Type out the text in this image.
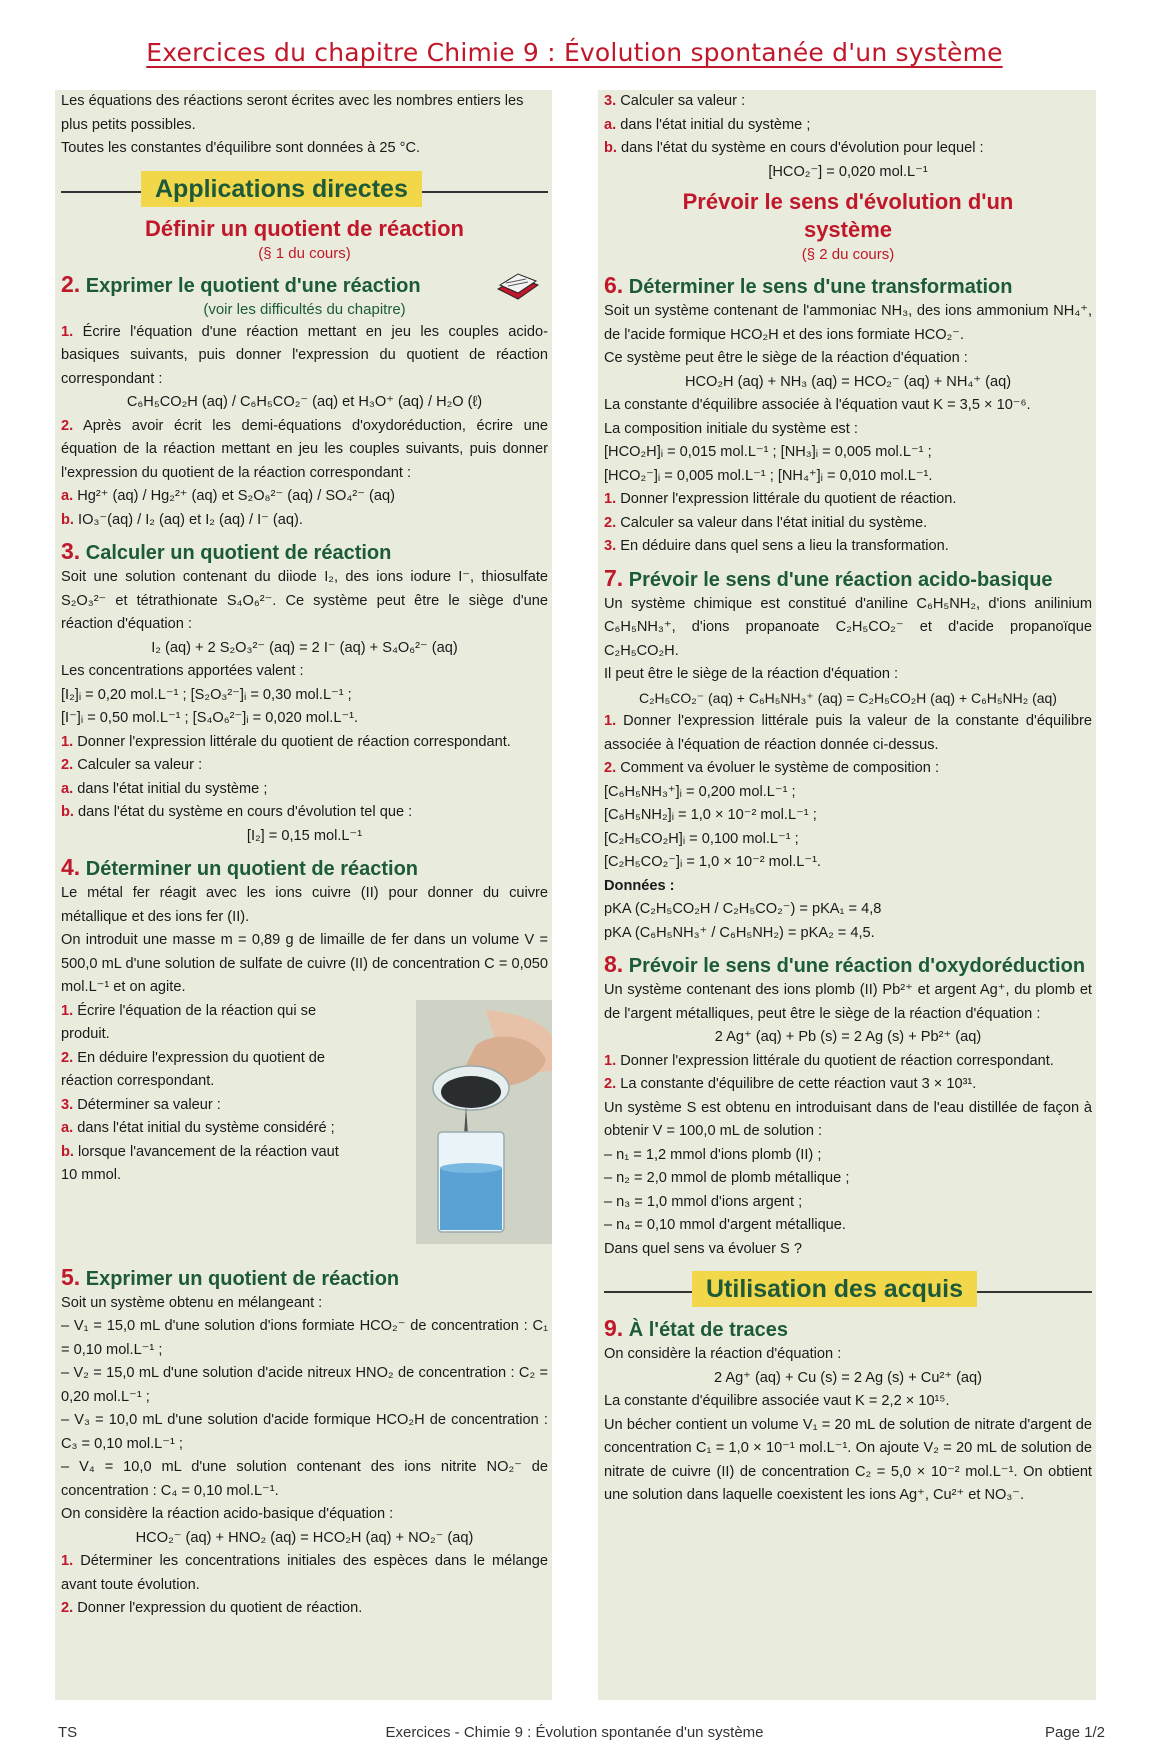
Exercices du chapitre Chimie 9 : Évolution spontanée d'un système

Les équations des réactions seront écrites avec les nombres entiers les plus petits possibles.

Toutes les constantes d'équilibre sont données à 25 °C.

Applications directes
Définir un quotient de réaction
(§ 1 du cours)
2. Exprimer le quotient d'une réaction
(voir les difficultés du chapitre)

1. Écrire l'équation d'une réaction mettant en jeu les couples acido-basiques suivants, puis donner l'expression du quotient de réaction correspondant :

C₆H₅CO₂H (aq) / C₆H₅CO₂⁻ (aq) et H₃O⁺ (aq) / H₂O (ℓ)

2. Après avoir écrit les demi-équations d'oxydoréduction, écrire une équation de la réaction mettant en jeu les couples suivants, puis donner l'expression du quotient de la réaction correspondant :

a. Hg²⁺ (aq) / Hg₂²⁺ (aq) et S₂O₈²⁻ (aq) / SO₄²⁻ (aq)

b. IO₃⁻(aq) / I₂ (aq) et I₂ (aq) / I⁻ (aq).

3. Calculer un quotient de réaction

Soit une solution contenant du diiode I₂, des ions iodure I⁻, thiosulfate S₂O₃²⁻ et tétrathionate S₄O₆²⁻. Ce système peut être le siège d'une réaction d'équation :

I₂ (aq) + 2 S₂O₃²⁻ (aq) = 2 I⁻ (aq) + S₄O₆²⁻ (aq)

Les concentrations apportées valent :

[I₂]ᵢ = 0,20 mol.L⁻¹ ; [S₂O₃²⁻]ᵢ = 0,30 mol.L⁻¹ ;

[I⁻]ᵢ = 0,50 mol.L⁻¹ ; [S₄O₆²⁻]ᵢ = 0,020 mol.L⁻¹.

1. Donner l'expression littérale du quotient de réaction correspondant.

2. Calculer sa valeur :

a. dans l'état initial du système ;

b. dans l'état du système en cours d'évolution tel que :

[I₂] = 0,15 mol.L⁻¹

4. Déterminer un quotient de réaction

Le métal fer réagit avec les ions cuivre (II) pour donner du cuivre métallique et des ions fer (II).

On introduit une masse m = 0,89 g de limaille de fer dans un volume V = 500,0 mL d'une solution de sulfate de cuivre (II) de concentration C = 0,050 mol.L⁻¹ et on agite.

1. Écrire l'équation de la réaction qui se produit.

2. En déduire l'expression du quotient de réaction correspondant.

3. Déterminer sa valeur :

a. dans l'état initial du système considéré ;

b. lorsque l'avancement de la réaction vaut 10 mmol.

5. Exprimer un quotient de réaction

Soit un système obtenu en mélangeant :

– V₁ = 15,0 mL d'une solution d'ions formiate HCO₂⁻ de concentration : C₁ = 0,10 mol.L⁻¹ ;

– V₂ = 15,0 mL d'une solution d'acide nitreux HNO₂ de concentration : C₂ = 0,20 mol.L⁻¹ ;

– V₃ = 10,0 mL d'une solution d'acide formique HCO₂H de concentration : C₃ = 0,10 mol.L⁻¹ ;

– V₄ = 10,0 mL d'une solution contenant des ions nitrite NO₂⁻ de concentration : C₄ = 0,10 mol.L⁻¹.

On considère la réaction acido-basique d'équation :

HCO₂⁻ (aq) + HNO₂ (aq) = HCO₂H (aq) + NO₂⁻ (aq)

1. Déterminer les concentrations initiales des espèces dans le mélange avant toute évolution.

2. Donner l'expression du quotient de réaction.

3. Calculer sa valeur :

a. dans l'état initial du système ;

b. dans l'état du système en cours d'évolution pour lequel :

[HCO₂⁻] = 0,020 mol.L⁻¹

Prévoir le sens d'évolution d'un système
(§ 2 du cours)
6. Déterminer le sens d'une transformation

Soit un système contenant de l'ammoniac NH₃, des ions ammonium NH₄⁺, de l'acide formique HCO₂H et des ions formiate HCO₂⁻.

Ce système peut être le siège de la réaction d'équation :

HCO₂H (aq) + NH₃ (aq) = HCO₂⁻ (aq) + NH₄⁺ (aq)

La constante d'équilibre associée à l'équation vaut K = 3,5 × 10⁻⁶.

La composition initiale du système est :

[HCO₂H]ᵢ = 0,015 mol.L⁻¹ ; [NH₃]ᵢ = 0,005 mol.L⁻¹ ;

[HCO₂⁻]ᵢ = 0,005 mol.L⁻¹ ; [NH₄⁺]ᵢ = 0,010 mol.L⁻¹.

1. Donner l'expression littérale du quotient de réaction.

2. Calculer sa valeur dans l'état initial du système.

3. En déduire dans quel sens a lieu la transformation.

7. Prévoir le sens d'une réaction acido-basique

Un système chimique est constitué d'aniline C₆H₅NH₂, d'ions anilinium C₆H₅NH₃⁺, d'ions propanoate C₂H₅CO₂⁻ et d'acide propanoïque C₂H₅CO₂H.

Il peut être le siège de la réaction d'équation :

C₂H₅CO₂⁻ (aq) + C₆H₅NH₃⁺ (aq) = C₂H₅CO₂H (aq) + C₆H₅NH₂ (aq)

1. Donner l'expression littérale puis la valeur de la constante d'équilibre associée à l'équation de réaction donnée ci-dessus.

2. Comment va évoluer le système de composition :

[C₆H₅NH₃⁺]ᵢ = 0,200 mol.L⁻¹ ;

[C₆H₅NH₂]ᵢ = 1,0 × 10⁻² mol.L⁻¹ ;

[C₂H₅CO₂H]ᵢ = 0,100 mol.L⁻¹ ;

[C₂H₅CO₂⁻]ᵢ = 1,0 × 10⁻² mol.L⁻¹.

Données :

pKA (C₂H₅CO₂H / C₂H₅CO₂⁻) = pKA₁ = 4,8

pKA (C₆H₅NH₃⁺ / C₆H₅NH₂) = pKA₂ = 4,5.

8. Prévoir le sens d'une réaction d'oxydoréduction

Un système contenant des ions plomb (II) Pb²⁺ et argent Ag⁺, du plomb et de l'argent métalliques, peut être le siège de la réaction d'équation :

2 Ag⁺ (aq) + Pb (s) = 2 Ag (s) + Pb²⁺ (aq)

1. Donner l'expression littérale du quotient de réaction correspondant.

2. La constante d'équilibre de cette réaction vaut 3 × 10³¹.

Un système S est obtenu en introduisant dans de l'eau distillée de façon à obtenir V = 100,0 mL de solution :

– n₁ = 1,2 mmol d'ions plomb (II) ;

– n₂ = 2,0 mmol de plomb métallique ;

– n₃ = 1,0 mmol d'ions argent ;

– n₄ = 0,10 mmol d'argent métallique.

Dans quel sens va évoluer S ?

Utilisation des acquis
9. À l'état de traces

On considère la réaction d'équation :

2 Ag⁺ (aq) + Cu (s) = 2 Ag (s) + Cu²⁺ (aq)

La constante d'équilibre associée vaut K = 2,2 × 10¹⁵.

Un bécher contient un volume V₁ = 20 mL de solution de nitrate d'argent de concentration C₁ = 1,0 × 10⁻¹ mol.L⁻¹. On ajoute V₂ = 20 mL de solution de nitrate de cuivre (II) de concentration C₂ = 5,0 × 10⁻² mol.L⁻¹. On obtient une solution dans laquelle coexistent les ions Ag⁺, Cu²⁺ et NO₃⁻.

TS	Exercices - Chimie 9 : Évolution spontanée d'un système	Page 1/2
